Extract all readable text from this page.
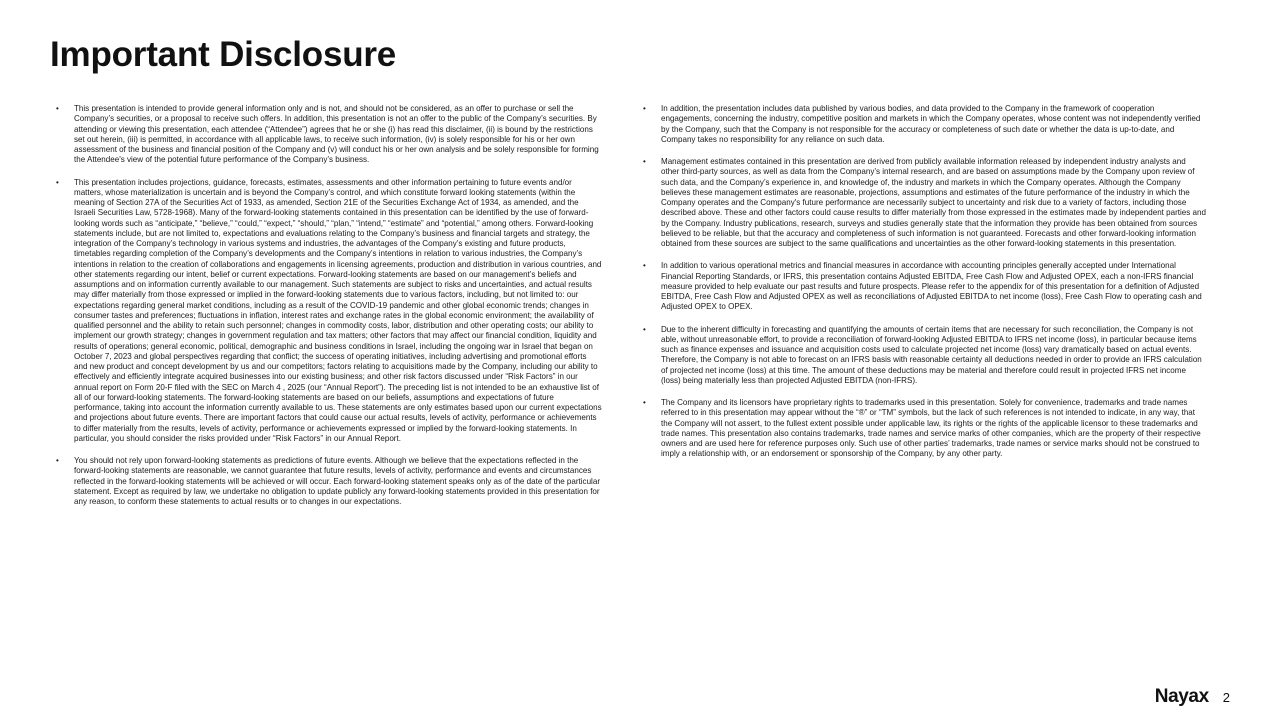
Important Disclosure
• This presentation is intended to provide general information only and is not, and should not be considered, as an offer to purchase or sell the Company’s securities, or a proposal to receive such offers. In addition, this presentation is not an offer to the public of the Company’s securities. By attending or viewing this presentation, each attendee (“Attendee”) agrees that he or she (i) has read this disclaimer, (ii) is bound by the restrictions set out herein, (iii) is permitted, in accordance with all applicable laws, to receive such information, (iv) is solely responsible for his or her own assessment of the business and financial position of the Company and (v) will conduct his or her own analysis and be solely responsible for forming the Attendee's view of the potential future performance of the Company’s business.
• This presentation includes projections, guidance, forecasts, estimates, assessments and other information pertaining to future events and/or matters, whose materialization is uncertain and is beyond the Company’s control, and which constitute forward looking statements (within the meaning of Section 27A of the Securities Act of 1933, as amended, Section 21E of the Securities Exchange Act of 1934, as amended, and the Israeli Securities Law, 5728-1968). Many of the forward-looking statements contained in this presentation can be identified by the use of forward-looking words such as “anticipate,” “believe,” “could,” “expect,” “should,” “plan,” “intend,” “estimate” and “potential,” among others. Forward-looking statements include, but are not limited to, expectations and evaluations relating to the Company’s business and financial targets and strategy, the integration of the Company’s technology in various systems and industries, the advantages of the Company’s existing and future products, timetables regarding completion of the Company’s developments and the Company’s intentions in relation to various industries, the Company’s intentions in relation to the creation of collaborations and engagements in licensing agreements, production and distribution in various countries, and other statements regarding our intent, belief or current expectations. Forward-looking statements are based on our management’s beliefs and assumptions and on information currently available to our management. Such statements are subject to risks and uncertainties, and actual results may differ materially from those expressed or implied in the forward-looking statements due to various factors, including, but not limited to: our expectations regarding general market conditions, including as a result of the COVID-19 pandemic and other global economic trends; changes in consumer tastes and preferences; fluctuations in inflation, interest rates and exchange rates in the global economic environment; the availability of qualified personnel and the ability to retain such personnel; changes in commodity costs, labor, distribution and other operating costs; our ability to implement our growth strategy; changes in government regulation and tax matters; other factors that may affect our financial condition, liquidity and results of operations; general economic, political, demographic and business conditions in Israel, including the ongoing war in Israel that began on October 7, 2023 and global perspectives regarding that conflict; the success of operating initiatives, including advertising and promotional efforts and new product and concept development by us and our competitors; factors relating to acquisitions made by the Company, including our ability to effectively and efficiently integrate acquired businesses into our existing business; and other risk factors discussed under “Risk Factors” in our annual report on Form 20-F filed with the SEC on March 4 , 2025 (our “Annual Report”). The preceding list is not intended to be an exhaustive list of all of our forward-looking statements. The forward-looking statements are based on our beliefs, assumptions and expectations of future performance, taking into account the information currently available to us. These statements are only estimates based upon our current expectations and projections about future events. There are important factors that could cause our actual results, levels of activity, performance or achievements to differ materially from the results, levels of activity, performance or achievements expressed or implied by the forward-looking statements. In particular, you should consider the risks provided under “Risk Factors” in our Annual Report.
• You should not rely upon forward-looking statements as predictions of future events. Although we believe that the expectations reflected in the forward-looking statements are reasonable, we cannot guarantee that future results, levels of activity, performance and events and circumstances reflected in the forward-looking statements will be achieved or will occur. Each forward-looking statement speaks only as of the date of the particular statement. Except as required by law, we undertake no obligation to update publicly any forward-looking statements provided in this presentation for any reason, to conform these statements to actual results or to changes in our expectations.
• In addition, the presentation includes data published by various bodies, and data provided to the Company in the framework of cooperation engagements, concerning the industry, competitive position and markets in which the Company operates, whose content was not independently verified by the Company, such that the Company is not responsible for the accuracy or completeness of such date or whether the data is up-to-date, and Company takes no responsibility for any reliance on such data.
• Management estimates contained in this presentation are derived from publicly available information released by independent industry analysts and other third-party sources, as well as data from the Company’s internal research, and are based on assumptions made by the Company upon review of such data, and the Company’s experience in, and knowledge of, the industry and markets in which the Company operates. Although the Company believes these management estimates are reasonable, projections, assumptions and estimates of the future performance of the industry in which the Company operates and the Company's future performance are necessarily subject to uncertainty and risk due to a variety of factors, including those described above. These and other factors could cause results to differ materially from those expressed in the estimates made by independent parties and by the Company. Industry publications, research, surveys and studies generally state that the information they provide has been obtained from sources believed to be reliable, but that the accuracy and completeness of such information is not guaranteed. Forecasts and other forward-looking information obtained from these sources are subject to the same qualifications and uncertainties as the other forward-looking statements in this presentation.
• In addition to various operational metrics and financial measures in accordance with accounting principles generally accepted under International Financial Reporting Standards, or IFRS, this presentation contains Adjusted EBITDA, Free Cash Flow and Adjusted OPEX, each a non-IFRS financial measure provided to help evaluate our past results and future prospects. Please refer to the appendix for of this presentation for a definition of Adjusted EBITDA, Free Cash Flow and Adjusted OPEX as well as reconciliations of Adjusted EBITDA to net income (loss), Free Cash Flow to operating cash and Adjusted OPEX to OPEX.
• Due to the inherent difficulty in forecasting and quantifying the amounts of certain items that are necessary for such reconciliation, the Company is not able, without unreasonable effort, to provide a reconciliation of forward-looking Adjusted EBITDA to IFRS net income (loss), in particular because items such as finance expenses and issuance and acquisition costs used to calculate projected net income (loss) vary dramatically based on actual events. Therefore, the Company is not able to forecast on an IFRS basis with reasonable certainty all deductions needed in order to provide an IFRS calculation of projected net income (loss) at this time. The amount of these deductions may be material and therefore could result in projected IFRS net income (loss) being materially less than projected Adjusted EBITDA (non-IFRS).
• The Company and its licensors have proprietary rights to trademarks used in this presentation. Solely for convenience, trademarks and trade names referred to in this presentation may appear without the “®” or “TM” symbols, but the lack of such references is not intended to indicate, in any way, that the Company will not assert, to the fullest extent possible under applicable law, its rights or the rights of the applicable licensor to these trademarks and trade names. This presentation also contains trademarks, trade names and service marks of other companies, which are the property of their respective owners and are used here for reference purposes only. Such use of other parties’ trademarks, trade names or service marks should not be construed to imply a relationship with, or an endorsement or sponsorship of the Company, by any other party.
Nayax 2
